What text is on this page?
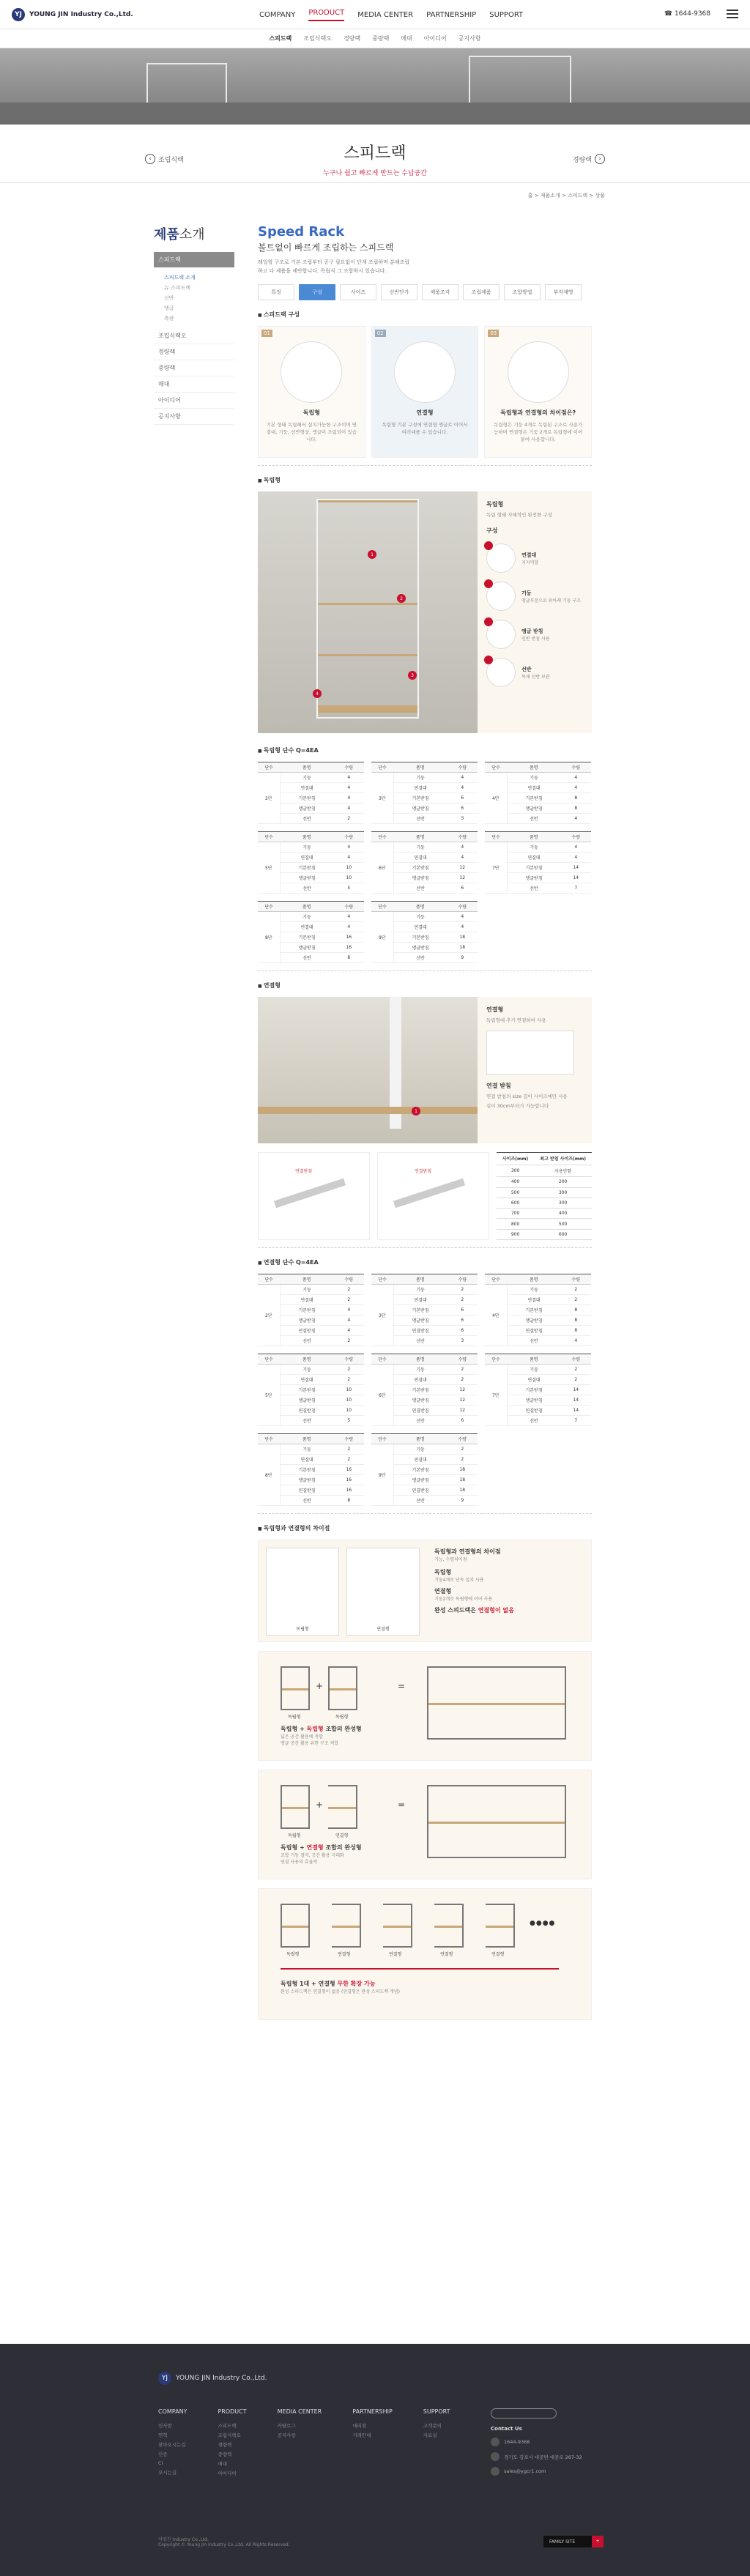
YJ	YOUNG JIN Industry Co.,Ltd.	COMPANY PRODUCT MEDIA CENTER PARTNERSHIP SUPPORT	☎ 1644-9368
스피드랙 조립식랙오 경량랙 중량랙 매대 아이디어 공지사항
스피드랙

누구나 쉽고 빠르게 만드는 수납공간

‹	조립식랙	경량랙	›
홈 > 제품소개 > 스피드랙 > 상품
제품소개
스피드랙
스피드랙 소개
뉴 스피드랙
선반
앵글
측판
조립식랙오
경량랙
중량랙
매대
아이디어
공지사항
Speed Rack
볼트없이 빠르게 조립하는 스피드랙
레일형 구조로 기본 조립부터 공구 필요없이 단계 조립하며 분해조립
하고 다 제품을 제안합니다. 독립식 그 조합하시 있습니다.
특징	구성	사이즈	선반단가	제품조각	조립제품	조합방법	부자재명
■ 스피드랙 구성
01
독립형
기본 형태 독립해서 설치가능한 구조이며 연결대, 기둥, 선반형상, 앵글이 조립되어 있습니다.
02
연결형
독립형 기본 구성에 연결형 앵글로 이어서 여러대를 수 있습니다.
03
독립형과 연결형의 차이점은?
독립형은 기둥 4개로 독립된 구조로 사용가능하며 연결형은 기둥 2개로 독립형에 이어 붙여 사용합니다.
■ 독립형
1
2
3
4
독립형
독립 형태 자체적인 완전한 구성
구성
연결대
지지역할
기둥
앵글부분으로 위아래 기둥 구조
앵글 받침
선반 받침 사용
선반
목재 선반 보관
■ 독립형 단수 Q=4EA
단수	품명	수량
2단	기둥	4
	연결대	4
	기본받침	4
	앵글받침	4
	선반	2
단수	품명	수량
3단	기둥	4
	연결대	4
	기본받침	6
	앵글받침	6
	선반	3
단수	품명	수량
4단	기둥	4
	연결대	4
	기본받침	8
	앵글받침	8
	선반	4
단수	품명	수량
5단	기둥	4
	연결대	4
	기본받침	10
	앵글받침	10
	선반	5
단수	품명	수량
6단	기둥	4
	연결대	4
	기본받침	12
	앵글받침	12
	선반	6
단수	품명	수량
7단	기둥	4
	연결대	4
	기본받침	14
	앵글받침	14
	선반	7
단수	품명	수량
8단	기둥	4
	연결대	4
	기본받침	16
	앵글받침	16
	선반	8
단수	품명	수량
9단	기둥	4
	연결대	4
	기본받침	18
	앵글받침	18
	선반	9
■ 연결형
1
연결형
독립형에 추가 연결하여 사용
연결 받침
연결 받침의 size 길이 사이즈에만 사용
길이 30cm부터가 가능합니다
연결받침	연결받침
사이즈(mm)	최고 받침 사이즈(mm)
300	사용안함
400	200
500	300
600	300
700	400
800	500
900	600
■ 연결형 단수 Q=4EA
단수	품명	수량
2단	기둥	2
	연결대	2
	기본받침	4
	앵글받침	4
	연결받침	4
	선반	2
단수	품명	수량
3단	기둥	2
	연결대	2
	기본받침	6
	앵글받침	6
	연결받침	6
	선반	3
단수	품명	수량
4단	기둥	2
	연결대	2
	기본받침	8
	앵글받침	8
	연결받침	8
	선반	4
단수	품명	수량
5단	기둥	2
	연결대	2
	기본받침	10
	앵글받침	10
	연결받침	10
	선반	5
단수	품명	수량
6단	기둥	2
	연결대	2
	기본받침	12
	앵글받침	12
	연결받침	12
	선반	6
단수	품명	수량
7단	기둥	2
	연결대	2
	기본받침	14
	앵글받침	14
	연결받침	14
	선반	7
단수	품명	수량
8단	기둥	2
	연결대	2
	기본받침	16
	앵글받침	16
	연결받침	16
	선반	8
단수	품명	수량
9단	기둥	2
	연결대	2
	기본받침	18
	앵글받침	18
	연결받침	18
	선반	9
■ 독립형과 연결형의 차이점
독립형	연결형
독립형과 연결형의 차이점
기능, 수량차이점
독립형
기둥4개로 단독 설치 사용
연결형
기둥2개로 독립형에 이어 사용
완성 스피드랙은 연결형이 없음
+	=
독립형	독립형
독립형 + 독립형 조합의 완성형
넓은 공간 활용에 적합
앵글 공간 활용 위한 구조 적합
+	=
독립형	연결형
독립형 + 연결형 조합의 완성형
조합 기둥 절약, 공간 활용 극대화
연결 사용의 효율적
●●●●
독립형	연결형	연결형	연결형	연결형
독립형 1대 + 연결형 무한 확장 가능
완성 스피드랙은 연결형이 없음 (연결형은 완성 스피드랙 개념)
YJ	YOUNG JIN Industry Co.,Ltd.
COMPANY
인사말
연혁
찾아오시는길
인증
CI
오시는길
PRODUCT
스피드랙
조립식랙오
경량랙
중량랙
매대
아이디어
MEDIA CENTER
카탈로그
공지사항
PARTNERSHIP
대리점
거래안내
SUPPORT
고객문의
자료실
Contact Us
1644-9368
경기도 김포시 대곶면 대곶로 267-32
sales@ygcr1.com
이영진 Industry Co.,Ltd.
Copyright © Young Jin Industry Co.,Ltd. All Rights Reserved.
FAMILY SITE +
